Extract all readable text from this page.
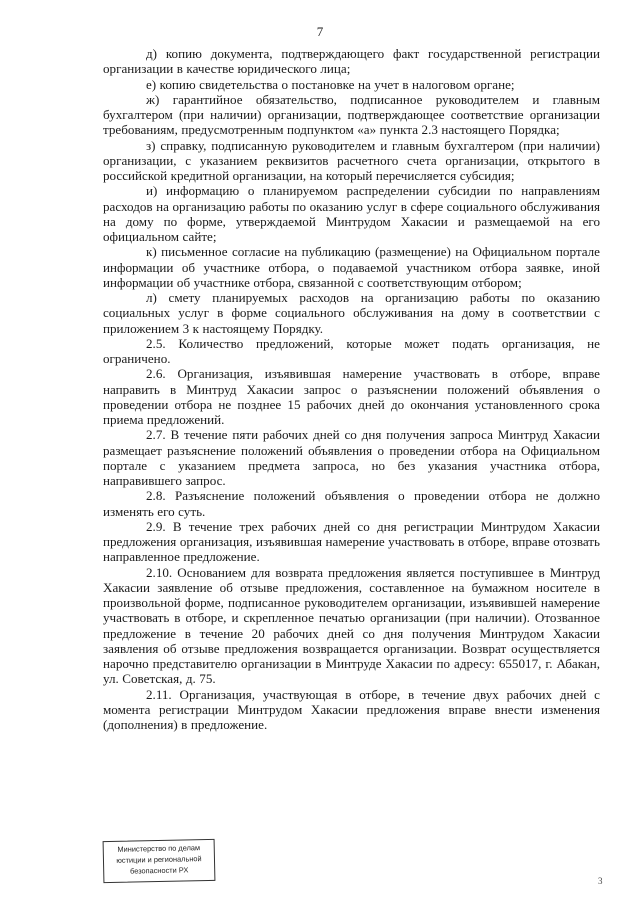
7

д) копию документа, подтверждающего факт государственной регистрации организации в качестве юридического лица;

е) копию свидетельства о постановке на учет в налоговом органе;

ж) гарантийное обязательство, подписанное руководителем и главным бухгалтером (при наличии) организации, подтверждающее соответствие организации требованиям, предусмотренным подпунктом «а» пункта 2.3 настоящего Порядка;

з) справку, подписанную руководителем и главным бухгалтером (при наличии) организации, с указанием реквизитов расчетного счета организации, открытого в российской кредитной организации, на который перечисляется субсидия;

и) информацию о планируемом распределении субсидии по направлениям расходов на организацию работы по оказанию услуг в сфере социального обслуживания на дому по форме, утверждаемой Минтрудом Хакасии и размещаемой на его официальном сайте;

к) письменное согласие на публикацию (размещение) на Официальном портале информации об участнике отбора, о подаваемой участником отбора заявке, иной информации об участнике отбора, связанной с соответствующим отбором;

л) смету планируемых расходов на организацию работы по оказанию социальных услуг в форме социального обслуживания на дому в соответствии с приложением 3 к настоящему Порядку.

2.5. Количество предложений, которые может подать организация, не ограничено.

2.6. Организация, изъявившая намерение участвовать в отборе, вправе направить в Минтруд Хакасии запрос о разъяснении положений объявления о проведении отбора не позднее 15 рабочих дней до окончания установленного срока приема предложений.

2.7. В течение пяти рабочих дней со дня получения запроса Минтруд Хакасии размещает разъяснение положений объявления о проведении отбора на Официальном портале с указанием предмета запроса, но без указания участника отбора, направившего запрос.

2.8. Разъяснение положений объявления о проведении отбора не должно изменять его суть.

2.9. В течение трех рабочих дней со дня регистрации Минтрудом Хакасии предложения организация, изъявившая намерение участвовать в отборе, вправе отозвать направленное предложение.

2.10. Основанием для возврата предложения является поступившее в Минтруд Хакасии заявление об отзыве предложения, составленное на бумажном носителе в произвольной форме, подписанное руководителем организации, изъявившей намерение участвовать в отборе, и скрепленное печатью организации (при наличии). Отозванное предложение в течение 20 рабочих дней со дня получения Минтрудом Хакасии заявления об отзыве предложения возвращается организации. Возврат осуществляется нарочно представителю организации в Минтруде Хакасии по адресу: 655017, г. Абакан, ул. Советская, д. 75.

2.11. Организация, участвующая в отборе, в течение двух рабочих дней с момента регистрации Минтрудом Хакасии предложения вправе внести изменения (дополнения) в предложение.

Министерство по делам
юстиции и региональной
безопасности РХ
3
